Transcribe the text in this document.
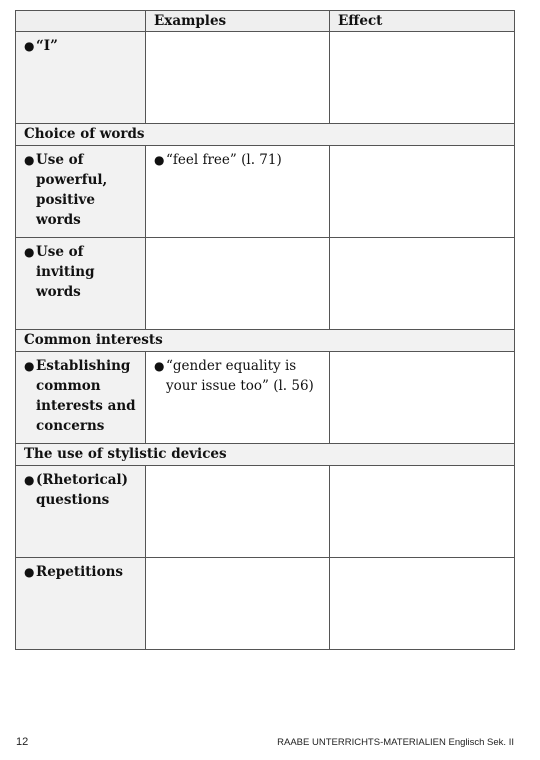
	Examples	Effect

● “I”		

Choice of words		

● Use of powerful, positive words	● “feel free” (l. 71)	

● Use of inviting words		

Common interests		

● Establishing common interests and concerns	● “gender equality is your issue too” (l. 56)	

The use of stylistic devices		

● (Rhetorical) questions		

● Repetitions		

12	RAABE UNTERRICHTS-MATERIALIEN Englisch Sek. II
